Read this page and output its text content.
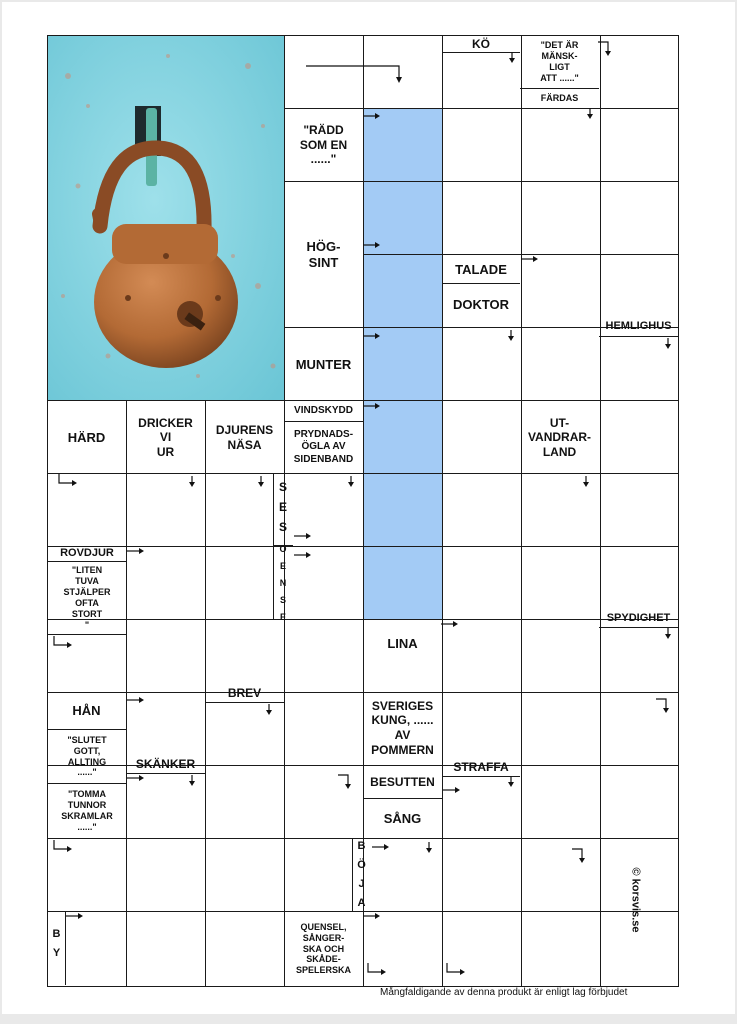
© korsvis.se
Mångfaldigande av denna produkt är enligt lag förbjudet
KÖ	"DET ÄR
MÄNSK-
LIGT
ATT ......"
FÄRDAS
"RÄDD
SOM EN
......"
HÖG-
SINT	TALADE
DOKTOR
HEMLIGHUS
MUNTER
HÄRD
DRICKER
VI
UR
DJURENS
NÄSA
VINDSKYDD
PRYDNADS-
ÖGLA AV
SIDENBAND
UT-
VANDRAR-
LAND
S
E
S
ROVDJUR
"LITEN
TUVA
STJÄLPER
OFTA
STORT
"
O
E
N
S
E
LINA
SPYDIGHET
HÅN
"SLUTET
GOTT,
ALLTING
......"
BREV
SVERIGES
KUNG, ......
AV
POMMERN
SKÄNKER
"TOMMA
TUNNOR
SKRAMLAR
......"
BESUTTEN
SÅNG
STRAFFA
B
Ö
J
A
B
Y
QUENSEL,
SÅNGER-
SKA OCH
SKÅDE-
SPELERSKA
